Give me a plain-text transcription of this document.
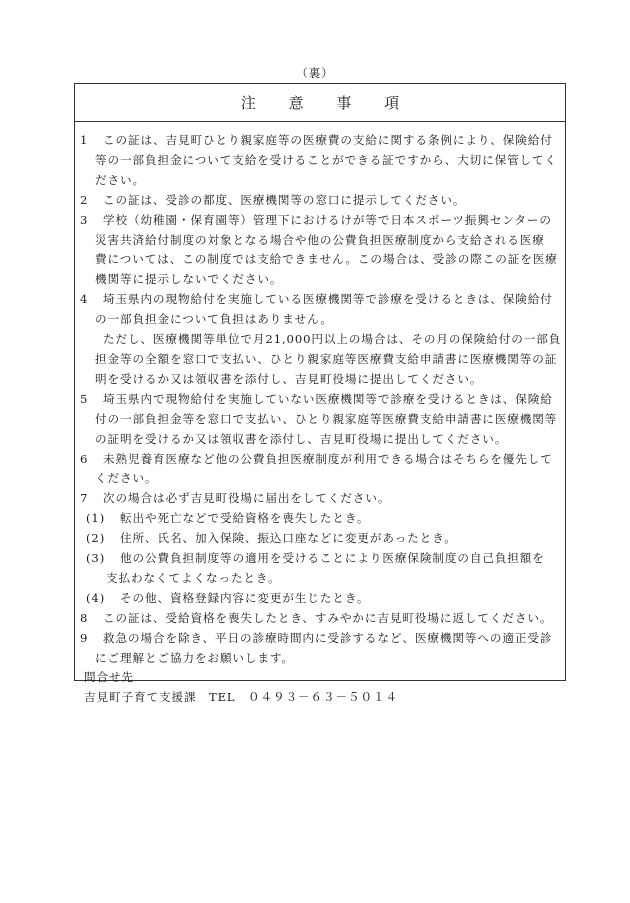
（裏）
注 意 事 項
1	この証は、吉見町ひとり親家庭等の医療費の支給に関する条例により、保険給付
等の一部負担金について支給を受けることができる証ですから、大切に保管してく
ださい。
2	この証は、受診の都度、医療機関等の窓口に提示してください。
3	学校（幼稚園・保育園等）管理下におけるけが等で日本スポーツ振興センターの
災害共済給付制度の対象となる場合や他の公費負担医療制度から支給される医療
費については、この制度では支給できません。この場合は、受診の際この証を医療
機関等に提示しないでください。
4	埼玉県内の現物給付を実施している医療機関等で診療を受けるときは、保険給付
の一部負担金について負担はありません。
ただし、医療機関等単位で月21,000円以上の場合は、その月の保険給付の一部負
担金等の全額を窓口で支払い、ひとり親家庭等医療費支給申請書に医療機関等の証
明を受けるか又は領収書を添付し、吉見町役場に提出してください。
5	埼玉県内で現物給付を実施していない医療機関等で診療を受けるときは、保険給
付の一部負担金等を窓口で支払い、ひとり親家庭等医療費支給申請書に医療機関等
の証明を受けるか又は領収書を添付し、吉見町役場に提出してください。
6	未熟児養育医療など他の公費負担医療制度が利用できる場合はそちらを優先して
ください。
7	次の場合は必ず吉見町役場に届出をしてください。
(1)	転出や死亡などで受給資格を喪失したとき。
(2)	住所、氏名、加入保険、振込口座などに変更があったとき。
(3)	他の公費負担制度等の適用を受けることにより医療保険制度の自己負担額を
支払わなくてよくなったとき。
(4)	その他、資格登録内容に変更が生じたとき。
8	この証は、受給資格を喪失したとき、すみやかに吉見町役場に返してください。
9	救急の場合を除き、平日の診療時間内に受診するなど、医療機関等への適正受診
にご理解とご協力をお願いします。
問合せ先
吉見町子育て支援課　TEL　０４９３－６３－５０１４
